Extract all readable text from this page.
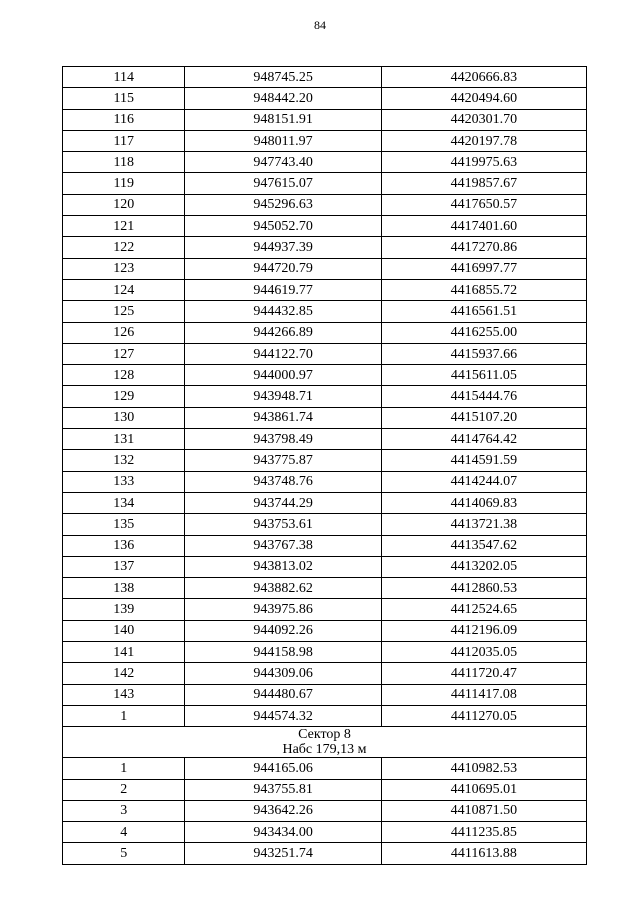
84
114	948745.25	4420666.83
115	948442.20	4420494.60
116	948151.91	4420301.70
117	948011.97	4420197.78
118	947743.40	4419975.63
119	947615.07	4419857.67
120	945296.63	4417650.57
121	945052.70	4417401.60
122	944937.39	4417270.86
123	944720.79	4416997.77
124	944619.77	4416855.72
125	944432.85	4416561.51
126	944266.89	4416255.00
127	944122.70	4415937.66
128	944000.97	4415611.05
129	943948.71	4415444.76
130	943861.74	4415107.20
131	943798.49	4414764.42
132	943775.87	4414591.59
133	943748.76	4414244.07
134	943744.29	4414069.83
135	943753.61	4413721.38
136	943767.38	4413547.62
137	943813.02	4413202.05
138	943882.62	4412860.53
139	943975.86	4412524.65
140	944092.26	4412196.09
141	944158.98	4412035.05
142	944309.06	4411720.47
143	944480.67	4411417.08
1	944574.32	4411270.05

Сектор 8
Набс 179,13 м		

1	944165.06	4410982.53
2	943755.81	4410695.01
3	943642.26	4410871.50
4	943434.00	4411235.85
5	943251.74	4411613.88
